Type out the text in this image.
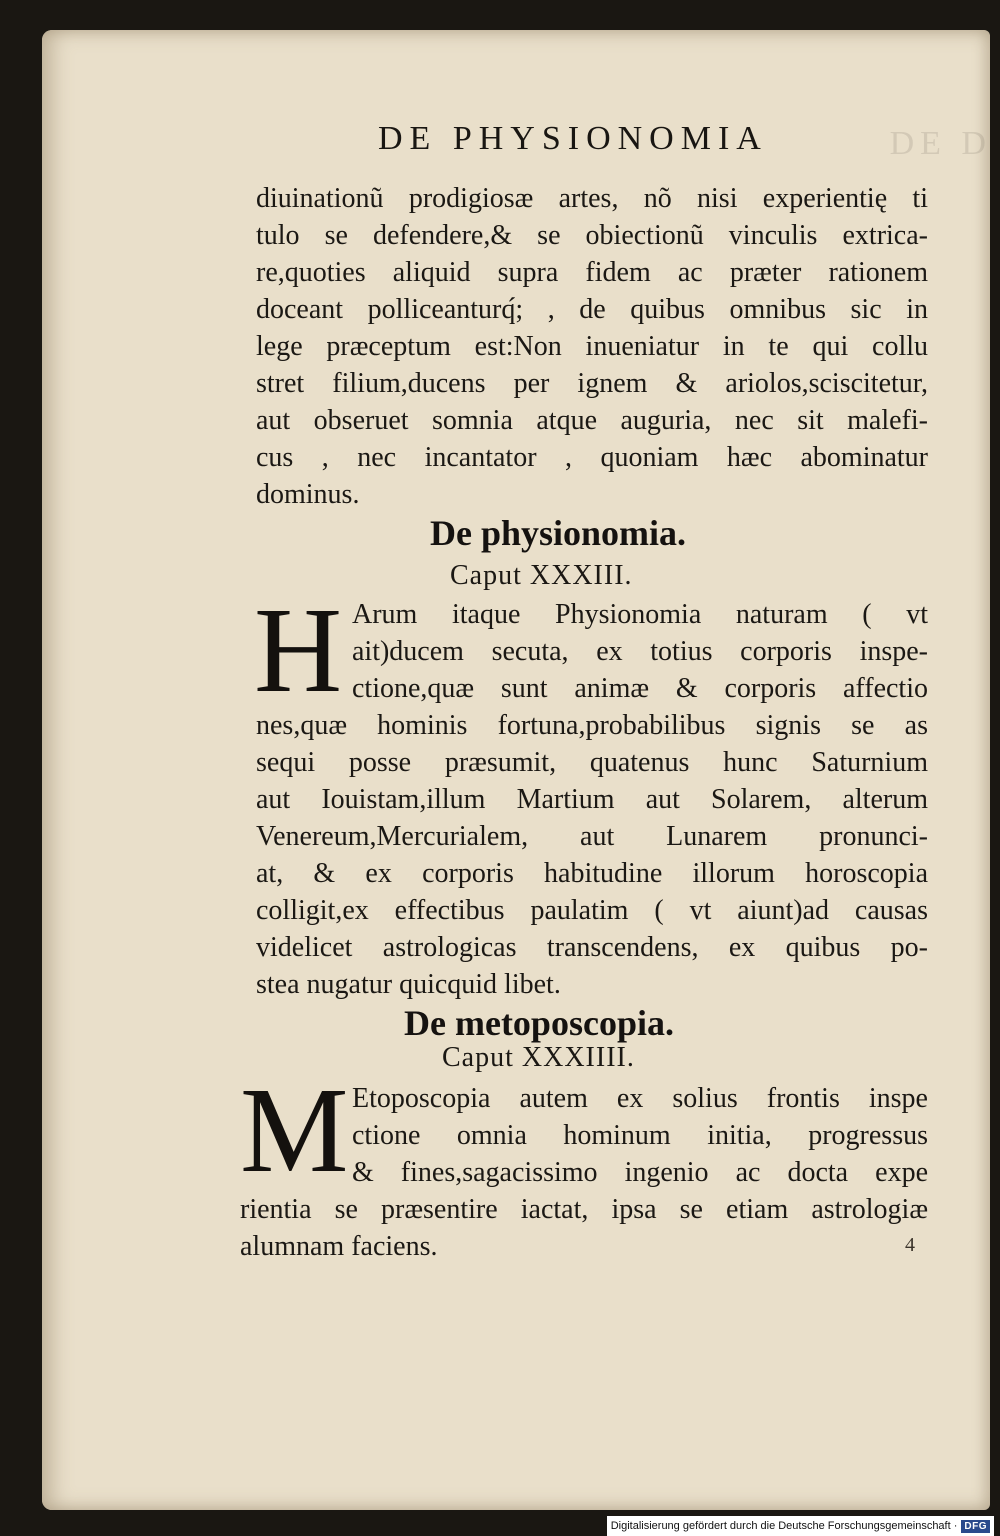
DE D
DE PHYSIONOMIA
diuinationũ prodigiosæ artes, nõ nisi experientię ti
tulo se defendere,& se obiectionũ vinculis extrica-
re,quoties aliquid supra fidem ac præter rationem
doceant polliceanturq́; , de quibus omnibus sic in
lege præceptum est:Non inueniatur in te qui collu
stret filium,ducens per ignem & ariolos,sciscitetur,
aut obseruet somnia atque auguria, nec sit malefi-
cus , nec incantator , quoniam hæc abominatur
dominus.
De physionomia.
Caput XXXIII.
H Arum itaque Physionomia naturam ( vt
ait)ducem secuta, ex totius corporis inspe-
ctione,quæ sunt animæ & corporis affectio
nes,quæ hominis fortuna,probabilibus signis se as
sequi posse præsumit, quatenus hunc Saturnium
aut Iouistam,illum Martium aut Solarem, alterum
Venereum,Mercurialem, aut Lunarem pronunci-
at, & ex corporis habitudine illorum horoscopia
colligit,ex effectibus paulatim ( vt aiunt)ad causas
videlicet astrologicas transcendens, ex quibus po-
stea nugatur quicquid libet.
De metoposcopia.
Caput XXXIIII.
M Etoposcopia autem ex solius frontis inspe
ctione omnia hominum initia, progressus
& fines,sagacissimo ingenio ac docta expe
rientia se præsentire iactat, ipsa se etiam astrologiæ
alumnam faciens.	4
Digitalisierung gefördert durch die Deutsche Forschungsgemeinschaft · DFG
